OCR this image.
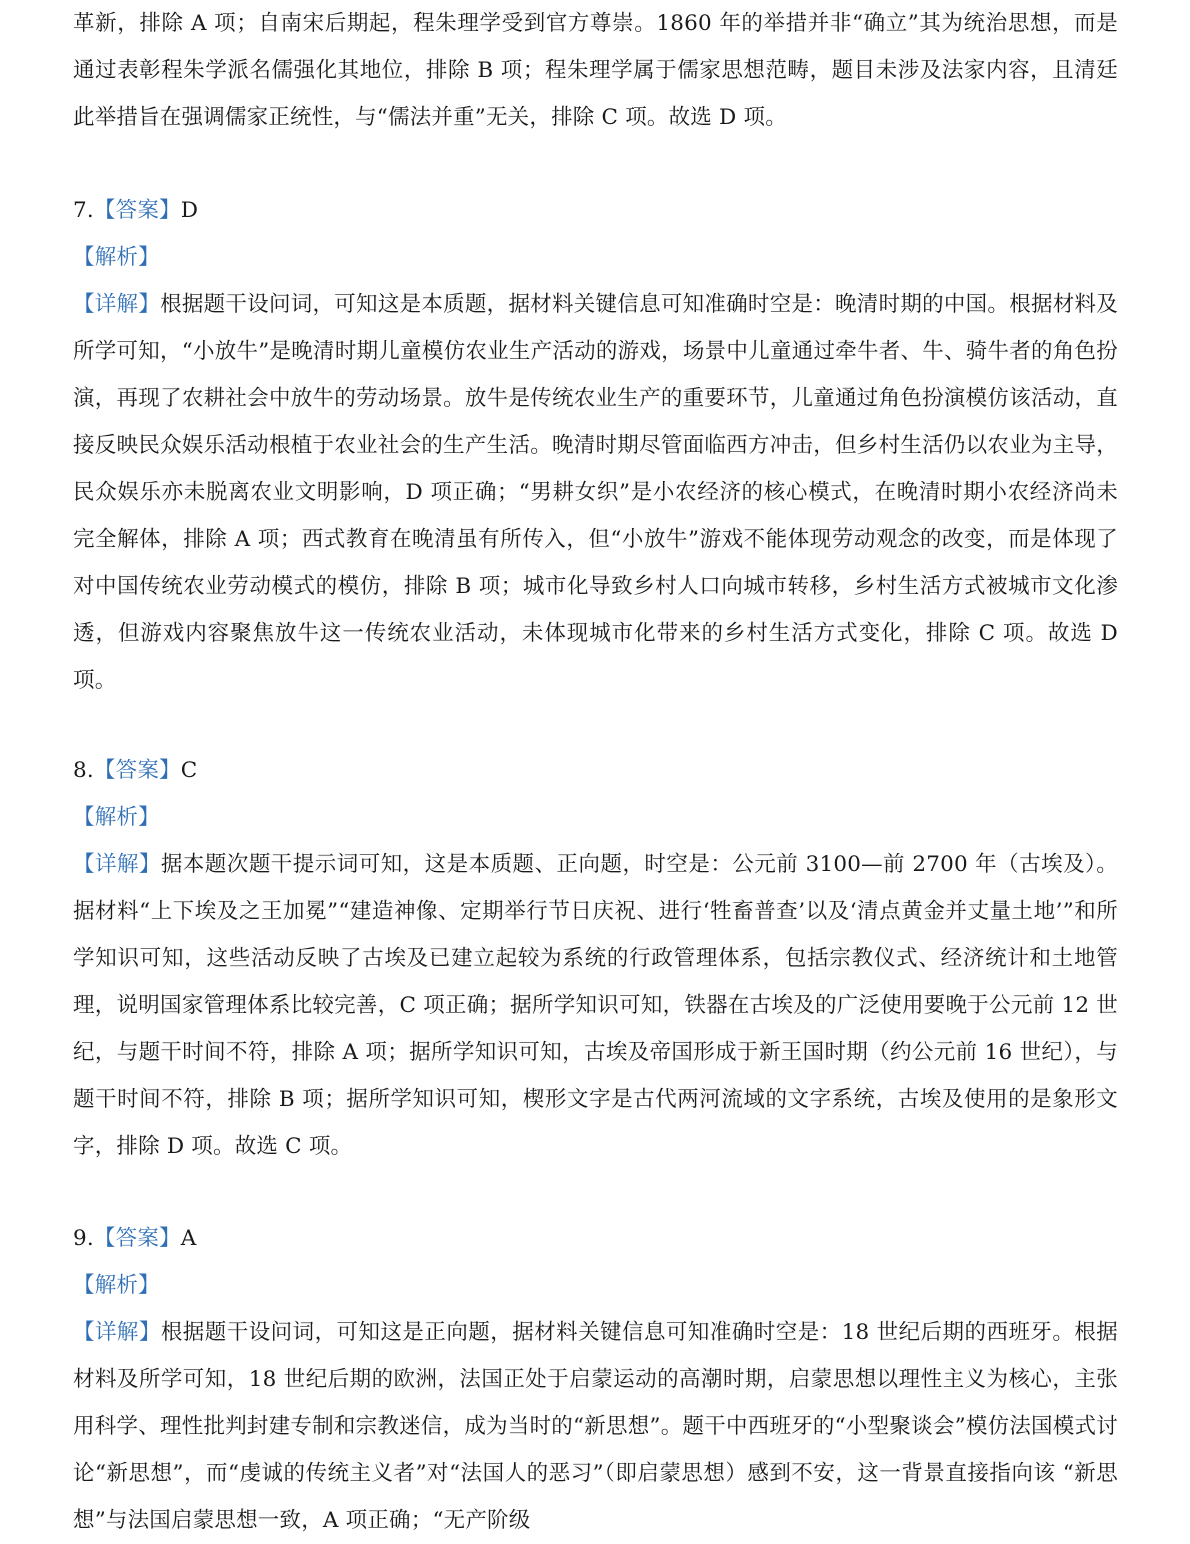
革新，排除 A 项；自南宋后期起，程朱理学受到官方尊崇。1860 年的举措并非“确立”其为统治思想，而是通过表彰程朱学派名儒强化其地位，排除 B 项；程朱理学属于儒家思想范畴，题目未涉及法家内容，且清廷此举措旨在强调儒家正统性，与“儒法并重”无关，排除 C 项。故选 D 项。

7.【答案】D

【解析】

【详解】根据题干设问词，可知这是本质题，据材料关键信息可知准确时空是：晚清时期的中国。根据材料及所学可知，“小放牛”是晚清时期儿童模仿农业生产活动的游戏，场景中儿童通过牵牛者、牛、骑牛者的角色扮演，再现了农耕社会中放牛的劳动场景。放牛是传统农业生产的重要环节，儿童通过角色扮演模仿该活动，直接反映民众娱乐活动根植于农业社会的生产生活。晚清时期尽管面临西方冲击，但乡村生活仍以农业为主导，民众娱乐亦未脱离农业文明影响，D 项正确；“男耕女织”是小农经济的核心模式，在晚清时期小农经济尚未完全解体，排除 A 项；西式教育在晚清虽有所传入，但“小放牛”游戏不能体现劳动观念的改变，而是体现了对中国传统农业劳动模式的模仿，排除 B 项；城市化导致乡村人口向城市转移，乡村生活方式被城市文化渗透，但游戏内容聚焦放牛这一传统农业活动，未体现城市化带来的乡村生活方式变化，排除 C 项。故选 D 项。

8.【答案】C

【解析】

【详解】据本题次题干提示词可知，这是本质题、正向题，时空是：公元前 3100—前 2700 年（古埃及）。据材料“上下埃及之王加冕”“建造神像、定期举行节日庆祝、进行‘牲畜普查’以及‘清点黄金并丈量土地’”和所学知识可知，这些活动反映了古埃及已建立起较为系统的行政管理体系，包括宗教仪式、经济统计和土地管理，说明国家管理体系比较完善，C 项正确；据所学知识可知，铁器在古埃及的广泛使用要晚于公元前 12 世纪，与题干时间不符，排除 A 项；据所学知识可知，古埃及帝国形成于新王国时期（约公元前 16 世纪），与题干时间不符，排除 B 项；据所学知识可知，楔形文字是古代两河流域的文字系统，古埃及使用的是象形文字，排除 D 项。故选 C 项。

9.【答案】A

【解析】

【详解】根据题干设问词，可知这是正向题，据材料关键信息可知准确时空是：18 世纪后期的西班牙。根据材料及所学可知，18 世纪后期的欧洲，法国正处于启蒙运动的高潮时期，启蒙思想以理性主义为核心，主张用科学、理性批判封建专制和宗教迷信，成为当时的“新思想”。题干中西班牙的“小型聚谈会”模仿法国模式讨论“新思想”，而“虔诚的传统主义者”对“法国人的恶习”（即启蒙思想）感到不安，这一背景直接指向该 “新思想”与法国启蒙思想一致，A 项正确；“无产阶级
